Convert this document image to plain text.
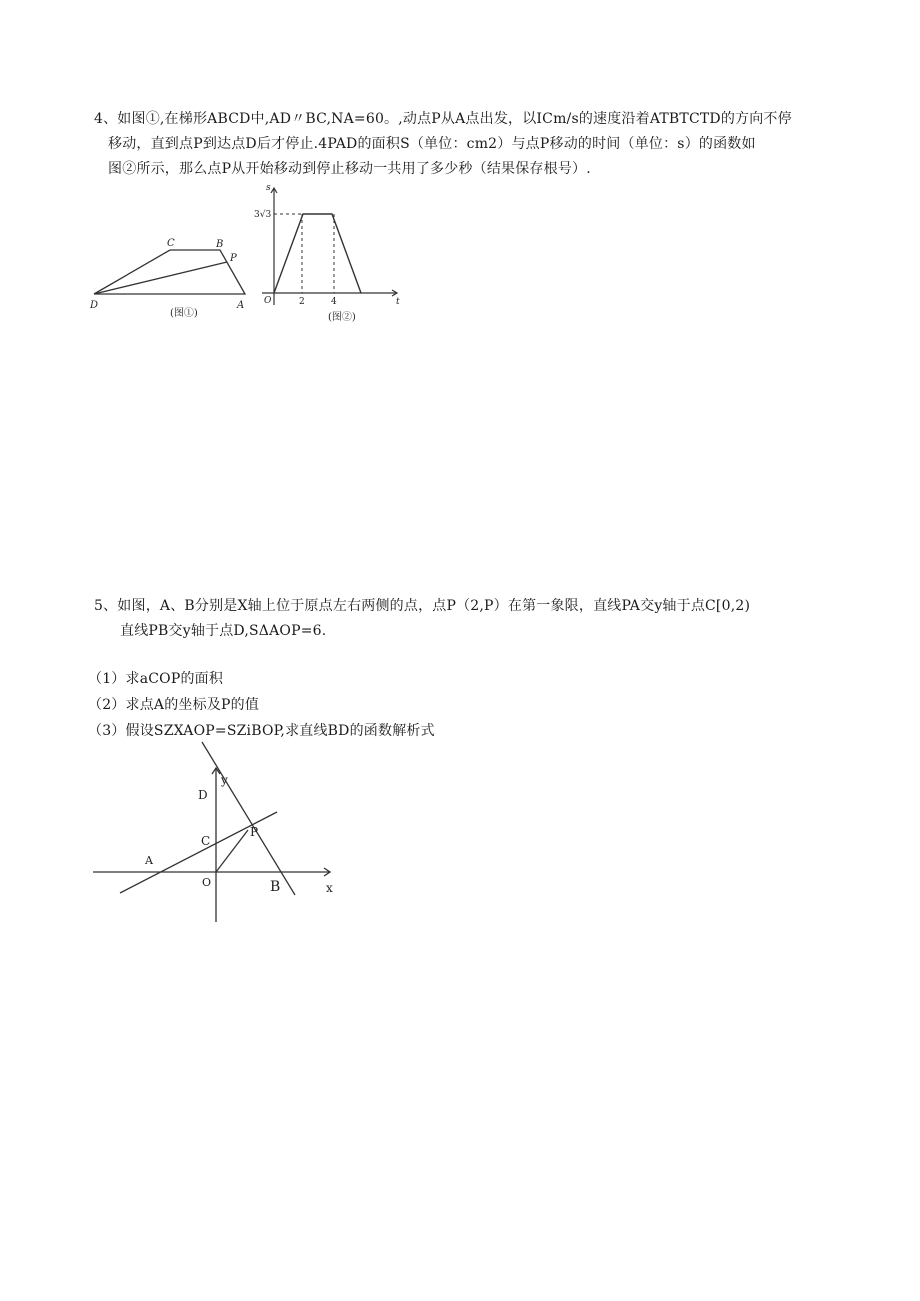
4、如图①,在梯形ABCD中,AD〃BC,NA=60。,动点P从A点出发，以ICm/s的速度沿着ATBTCTD的方向不停
移动，直到点P到达点D后才停止.4PAD的面积S（单位：cm2）与点P移动的时间（单位：s）的函数如
图②所示，那么点P从开始移动到停止移动一共用了多少秒（结果保存根号）.
C	B
P
D	A
(图①)
s
t
3√3
O	2	4
(图②)
5、如图，A、B分别是X轴上位于原点左右两侧的点，点P（2,P）在第一象限，直线PA交y轴于点C[0,2)
直线PB交y轴于点D,SΔAOP=6.
（1）求aCOP的面积
（2）求点A的坐标及P的值
（3）假设SZXAOP=SZiBOP,求直线BD的函数解析式
y
D
C
P
A
O	B	x
